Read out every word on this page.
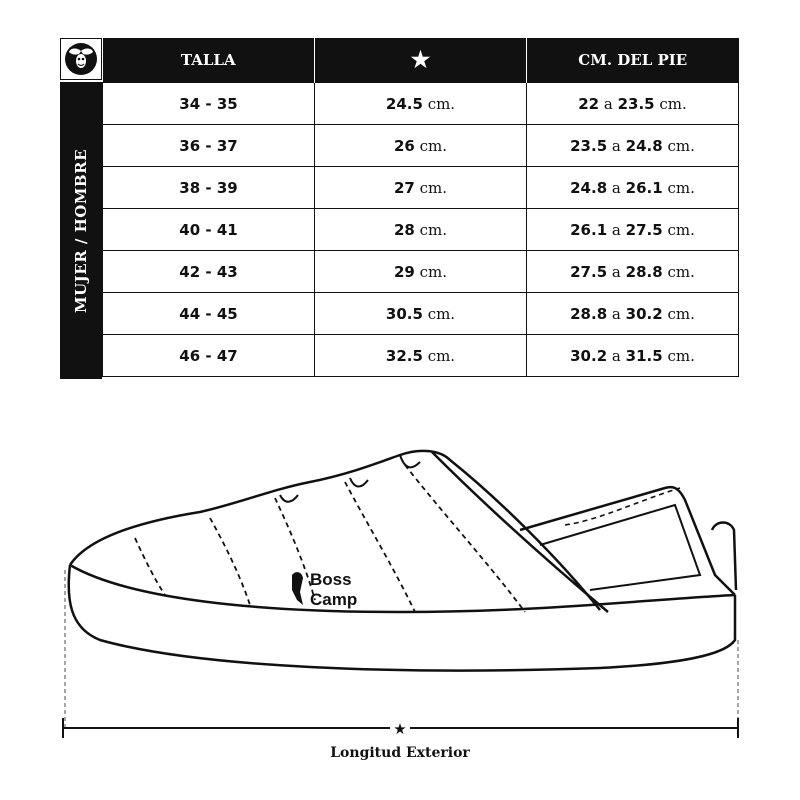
MUJER / HOMBRE
TALLA	★	CM. DEL PIE
34 - 35	24.5 cm.	22 a 23.5 cm.
36 - 37	26 cm.	23.5 a 24.8 cm.
38 - 39	27 cm.	24.8 a 26.1 cm.
40 - 41	28 cm.	26.1 a 27.5 cm.
42 - 43	29 cm.	27.5 a 28.8 cm.
44 - 45	30.5 cm.	28.8 a 30.2 cm.
46 - 47	32.5 cm.	30.2 a 31.5 cm.
Boss
Camp
★
Longitud Exterior
